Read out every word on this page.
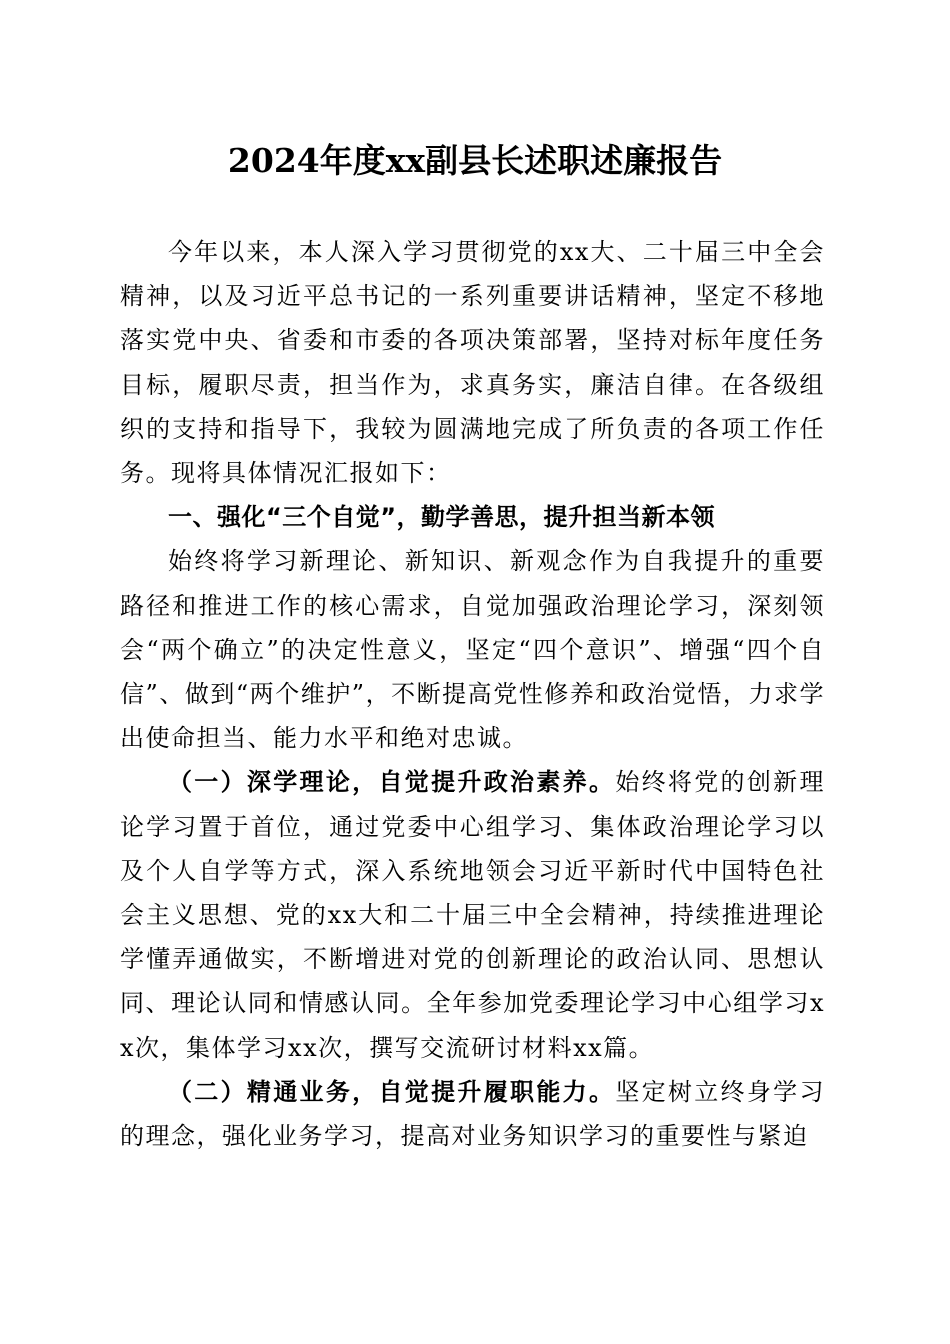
2024年度xx副县长述职述廉报告

今年以来，本人深入学习贯彻党的xx大、二十届三中全会精神，以及习近平总书记的一系列重要讲话精神，坚定不移地落实党中央、省委和市委的各项决策部署，坚持对标年度任务目标，履职尽责，担当作为，求真务实，廉洁自律。在各级组织的支持和指导下，我较为圆满地完成了所负责的各项工作任务。现将具体情况汇报如下：

一、强化“三个自觉”，勤学善思，提升担当新本领

始终将学习新理论、新知识、新观念作为自我提升的重要路径和推进工作的核心需求，自觉加强政治理论学习，深刻领会“两个确立”的决定性意义，坚定“四个意识”、增强“四个自信”、做到“两个维护”，不断提高党性修养和政治觉悟，力求学出使命担当、能力水平和绝对忠诚。

（一）深学理论，自觉提升政治素养。始终将党的创新理论学习置于首位，通过党委中心组学习、集体政治理论学习以及个人自学等方式，深入系统地领会习近平新时代中国特色社会主义思想、党的xx大和二十届三中全会精神，持续推进理论学懂弄通做实，不断增进对党的创新理论的政治认同、思想认同、理论认同和情感认同。全年参加党委理论学习中心组学习xx次，集体学习xx次，撰写交流研讨材料xx篇。

（二）精通业务，自觉提升履职能力。坚定树立终身学习的理念，强化业务学习，提高对业务知识学习的重要性与紧迫
